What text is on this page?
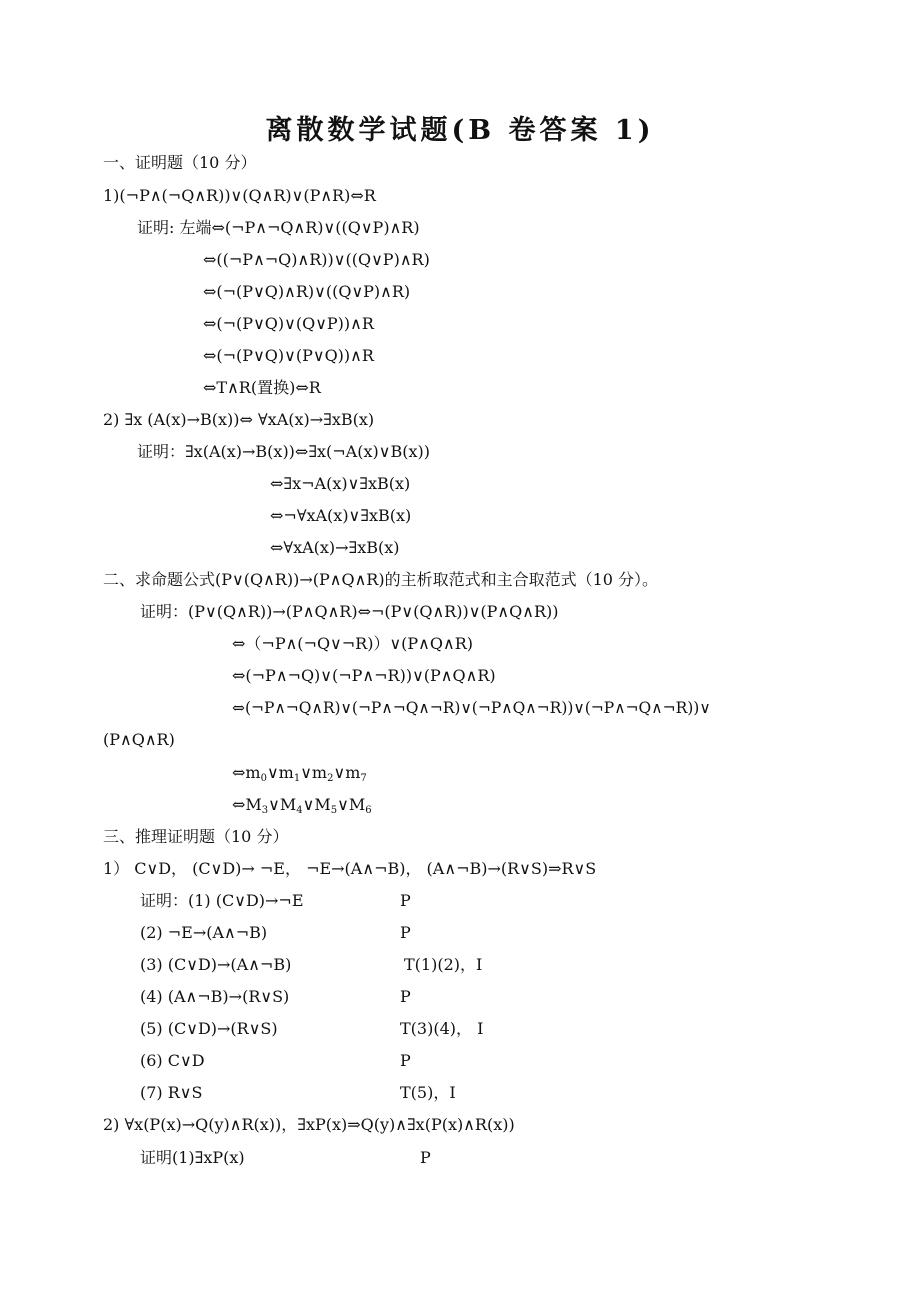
离散数学试题(B 卷答案 1)
一、证明题（10 分）
1)(¬P∧(¬Q∧R))∨(Q∧R)∨(P∧R)⇔R
证明: 左端⇔(¬P∧¬Q∧R)∨((Q∨P)∧R)
⇔((¬P∧¬Q)∧R))∨((Q∨P)∧R)
⇔(¬(P∨Q)∧R)∨((Q∨P)∧R)
⇔(¬(P∨Q)∨(Q∨P))∧R
⇔(¬(P∨Q)∨(P∨Q))∧R
⇔T∧R(置换)⇔R
2) ∃x (A(x)→B(x))⇔ ∀xA(x)→∃xB(x)
证明：∃x(A(x)→B(x))⇔∃x(¬A(x)∨B(x))
⇔∃x¬A(x)∨∃xB(x)
⇔¬∀xA(x)∨∃xB(x)
⇔∀xA(x)→∃xB(x)
二、求命题公式(P∨(Q∧R))→(P∧Q∧R)的主析取范式和主合取范式（10 分）。
证明：(P∨(Q∧R))→(P∧Q∧R)⇔¬(P∨(Q∧R))∨(P∧Q∧R))
⇔（¬P∧(¬Q∨¬R)）∨(P∧Q∧R)
⇔(¬P∧¬Q)∨(¬P∧¬R))∨(P∧Q∧R)
⇔(¬P∧¬Q∧R)∨(¬P∧¬Q∧¬R)∨(¬P∧Q∧¬R))∨(¬P∧¬Q∧¬R))∨
(P∧Q∧R)
$\Leftrightarrow m_0\vee m_1\vee m_2\vee m_7$
$\Leftrightarrow M_3\vee M_4\vee M_5\vee M_6$
三、推理证明题（10 分）
1） C∨D， (C∨D)→ ¬E， ¬E→(A∧¬B)， (A∧¬B)→(R∨S)⇒R∨S
证明：(1) (C∨D)→¬E	P
(2) ¬E→(A∧¬B)	P
(3) (C∨D)→(A∧¬B)	T(1)(2)，I
(4) (A∧¬B)→(R∨S)	P
(5) (C∨D)→(R∨S)	T(3)(4)， I
(6) C∨D	P
(7) R∨S	T(5)，I
2) ∀x(P(x)→Q(y)∧R(x))，∃xP(x)⇒Q(y)∧∃x(P(x)∧R(x))
证明(1)∃xP(x)	P
